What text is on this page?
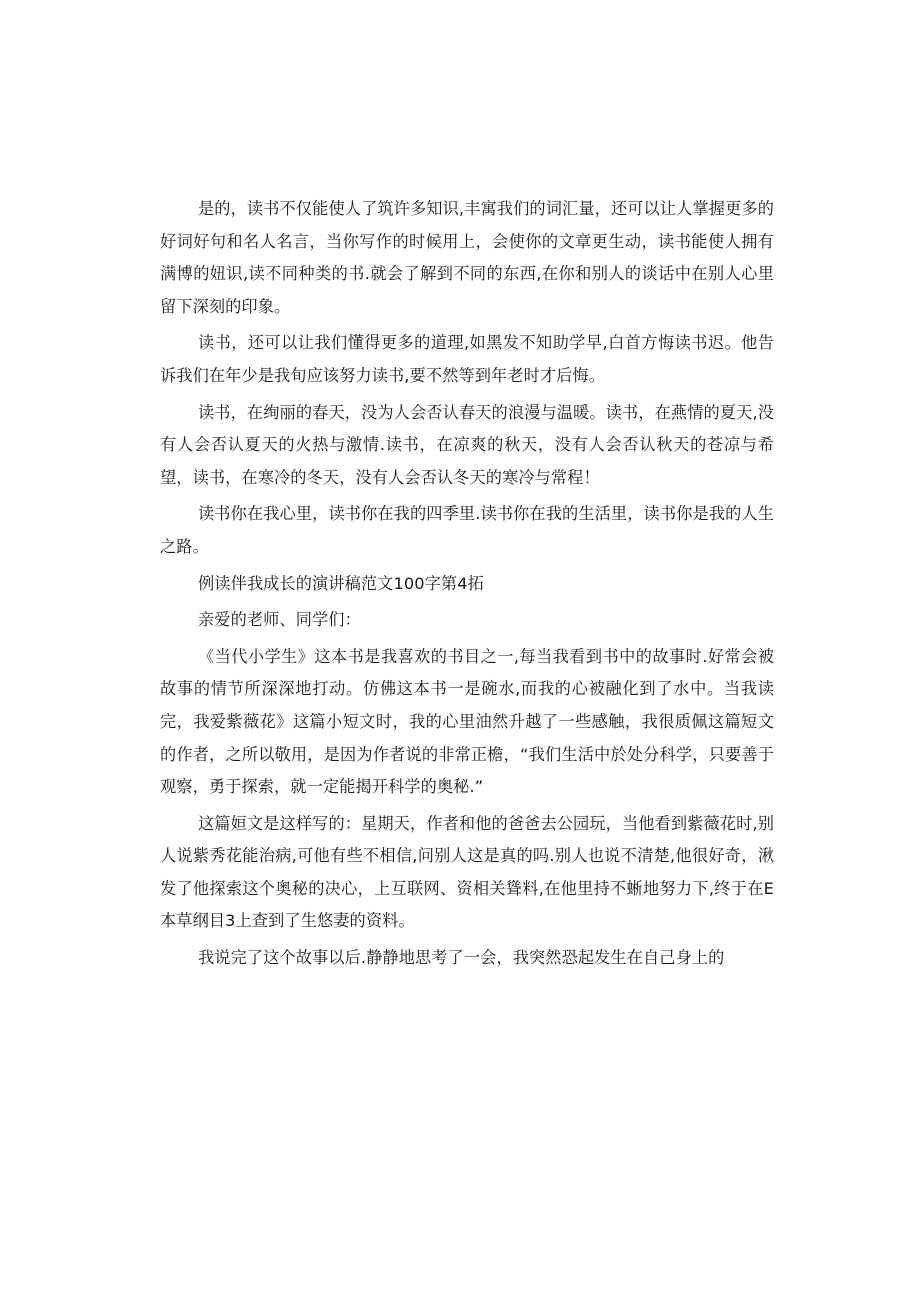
是的，读书不仅能使人了筑许多知识,丰寓我们的词汇量，还可以让人掌握更多的好词好句和名人名言，当你写作的时候用上，会使你的文章更生动，读书能使人拥有满博的妞识,读不同种类的书.就会了解到不同的东西,在你和别人的谈话中在别人心里留下深刻的印象。

读书，还可以让我们懂得更多的道理,如黑发不知助学早,白首方悔读书迟。他告诉我们在年少是我旬应该努力读书,要不然等到年老时才后悔。

读书，在绚丽的春天，没为人会否认春天的浪漫与温暖。读书，在燕情的夏天,没有人会否认夏天的火热与激情.读书，在凉爽的秋天，没有人会否认秋天的苍凉与希望，读书，在寒冷的冬天，没有人会否认冬天的寒冷与常程！

读书你在我心里，读书你在我的四季里.读书你在我的生活里，读书你是我的人生之路。

例读伴我成长的演讲稿范文100字第4拓

亲爱的老师、同学们：

《当代小学生》这本书是我喜欢的书目之一,每当我看到书中的故事时.好常会被故事的情节所深深地打动。仿佛这本书一是碗水,而我的心被融化到了水中。当我读完，我爱紫薇花》这篇小短文时，我的心里油然升越了一些感触，我很质佩这篇短文的作者，之所以敬用，是因为作者说的非常正檐，“我们生活中於处分科学，只要善于观察，勇于探索，就一定能揭开科学的奥秘.”

这篇姮文是这样写的：星期天，作者和他的爸爸去公园玩，当他看到紫薇花时,别人说紫秀花能治病,可他有些不相信,问别人这是真的吗.别人也说不清楚,他很好奇，湫发了他探索这个奥秘的决心，上互联网、资相关聳料,在他里持不蜥地努力下,终于在E本草纲目3上查到了生悠妻的资料。

我说完了这个故事以后.静静地思考了一会，我突然恐起发生在自己身上的
